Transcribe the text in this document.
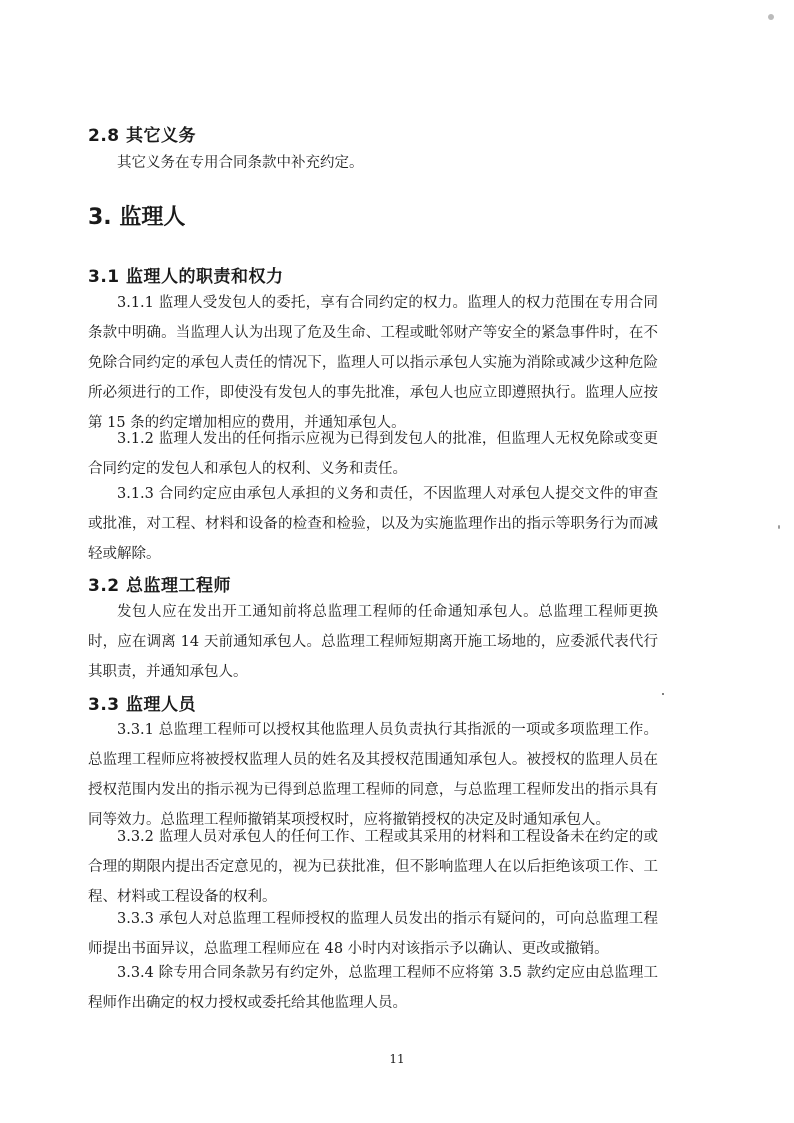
2.8 其它义务
其它义务在专用合同条款中补充约定。
3. 监理人
3.1 监理人的职责和权力
3.1.1 监理人受发包人的委托，享有合同约定的权力。监理人的权力范围在专用合同条款中明确。当监理人认为出现了危及生命、工程或毗邻财产等安全的紧急事件时，在不免除合同约定的承包人责任的情况下，监理人可以指示承包人实施为消除或减少这种危险所必须进行的工作，即使没有发包人的事先批准，承包人也应立即遵照执行。监理人应按第 15 条的约定增加相应的费用，并通知承包人。
3.1.2 监理人发出的任何指示应视为已得到发包人的批准，但监理人无权免除或变更合同约定的发包人和承包人的权利、义务和责任。
3.1.3 合同约定应由承包人承担的义务和责任，不因监理人对承包人提交文件的审查或批准，对工程、材料和设备的检查和检验，以及为实施监理作出的指示等职务行为而减轻或解除。
3.2 总监理工程师
发包人应在发出开工通知前将总监理工程师的任命通知承包人。总监理工程师更换时，应在调离 14 天前通知承包人。总监理工程师短期离开施工场地的，应委派代表代行其职责，并通知承包人。
3.3 监理人员
3.3.1 总监理工程师可以授权其他监理人员负责执行其指派的一项或多项监理工作。总监理工程师应将被授权监理人员的姓名及其授权范围通知承包人。被授权的监理人员在授权范围内发出的指示视为已得到总监理工程师的同意，与总监理工程师发出的指示具有同等效力。总监理工程师撤销某项授权时，应将撤销授权的决定及时通知承包人。
3.3.2 监理人员对承包人的任何工作、工程或其采用的材料和工程设备未在约定的或合理的期限内提出否定意见的，视为已获批准，但不影响监理人在以后拒绝该项工作、工程、材料或工程设备的权利。
3.3.3 承包人对总监理工程师授权的监理人员发出的指示有疑问的，可向总监理工程师提出书面异议，总监理工程师应在 48 小时内对该指示予以确认、更改或撤销。
3.3.4 除专用合同条款另有约定外，总监理工程师不应将第 3.5 款约定应由总监理工程师作出确定的权力授权或委托给其他监理人员。
11
